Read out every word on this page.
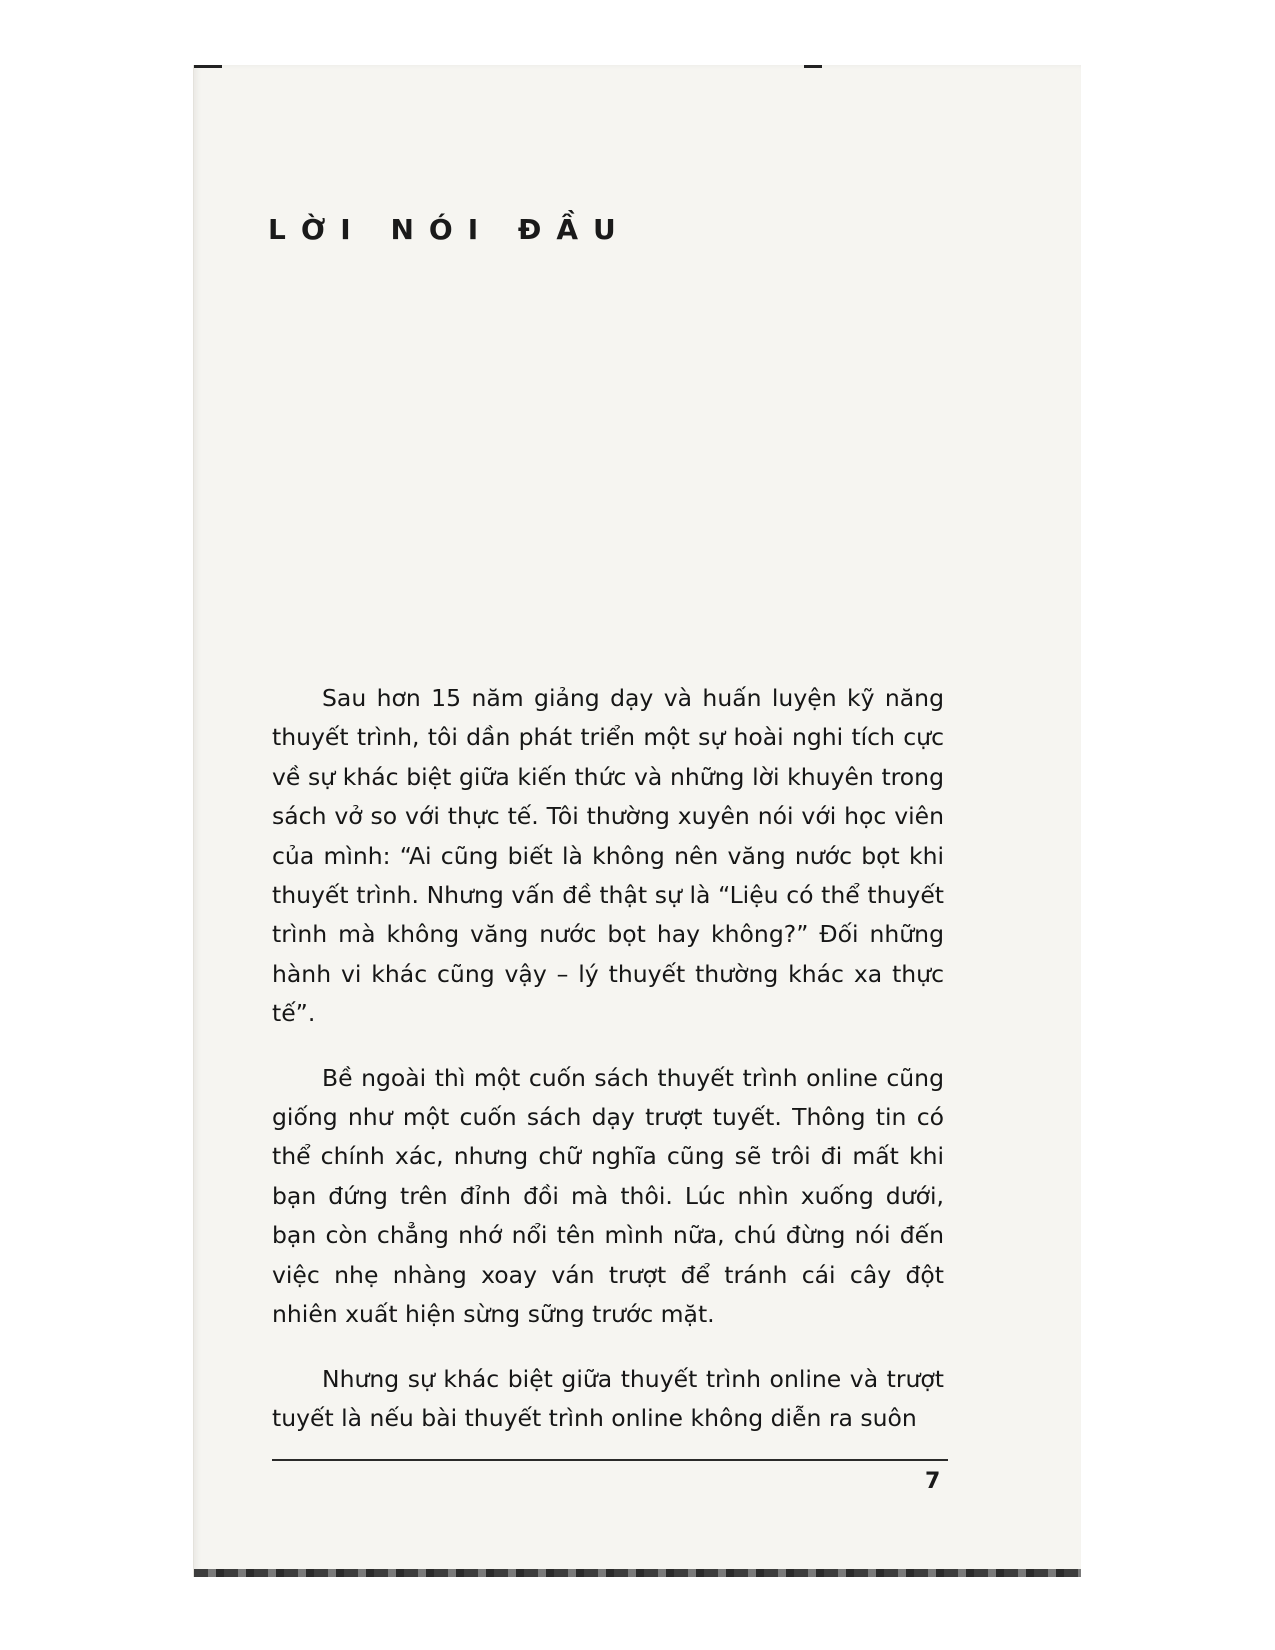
LỜI NÓI ĐẦU

Sau hơn 15 năm giảng dạy và huấn luyện kỹ năng thuyết trình, tôi dần phát triển một sự hoài nghi tích cực về sự khác biệt giữa kiến thức và những lời khuyên trong sách vở so với thực tế. Tôi thường xuyên nói với học viên của mình: “Ai cũng biết là không nên văng nước bọt khi thuyết trình. Nhưng vấn đề thật sự là “Liệu có thể thuyết trình mà không văng nước bọt hay không?” Đối những hành vi khác cũng vậy – lý thuyết thường khác xa thực tế”.

Bề ngoài thì một cuốn sách thuyết trình online cũng giống như một cuốn sách dạy trượt tuyết. Thông tin có thể chính xác, nhưng chữ nghĩa cũng sẽ trôi đi mất khi bạn đứng trên đỉnh đồi mà thôi. Lúc nhìn xuống dưới, bạn còn chẳng nhớ nổi tên mình nữa, chú đừng nói đến việc nhẹ nhàng xoay ván trượt để tránh cái cây đột nhiên xuất hiện sừng sững trước mặt.

Nhưng sự khác biệt giữa thuyết trình online và trượt tuyết là nếu bài thuyết trình online không diễn ra suôn

7
